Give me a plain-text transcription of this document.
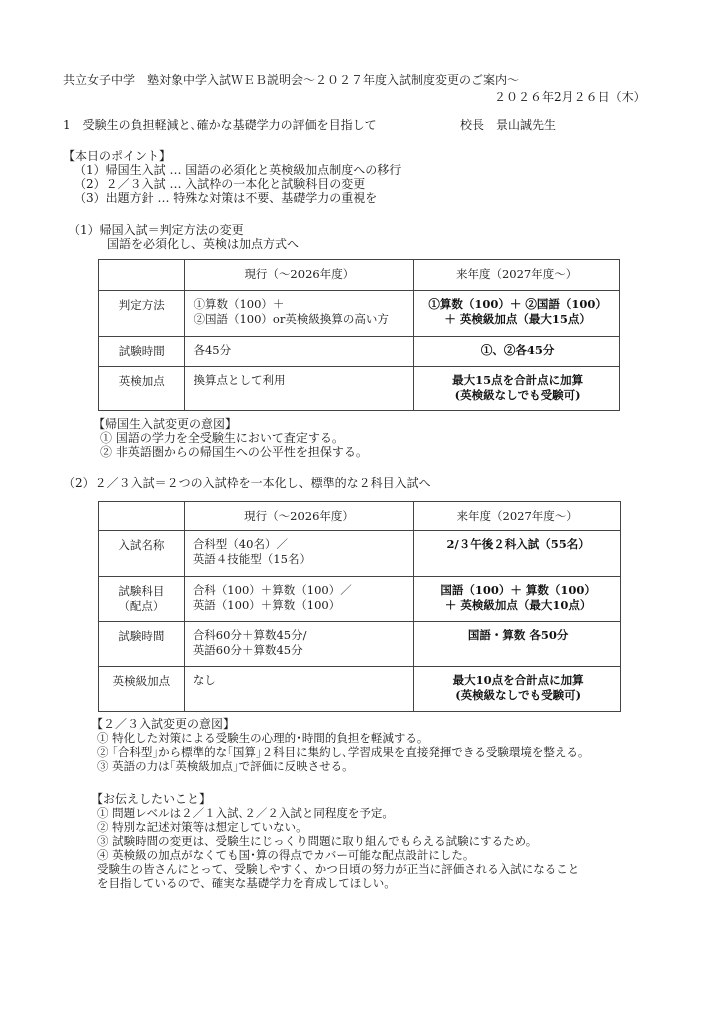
共立女子中学　塾対象中学入試ＷＥＢ説明会～２０２７年度入試制度変更のご案内～
２０２６年2月２６日（木）
1　受験生の負担軽減と､確かな基礎学力の評価を目指して	校長　景山誠先生
【本日のポイント】
（1）帰国生入試 … 国語の必須化と英検級加点制度への移行
（2）２／３入試 … 入試枠の一本化と試験科目の変更
（3）出題方針 … 特殊な対策は不要、基礎学力の重視を
（1）帰国入試＝判定方法の変更
国語を必須化し、英検は加点方式へ

	現行（～2026年度）	来年度（2027年度～）

判定方法	①算数（100）＋
②国語（100）or英検級換算の高い方	①算数（100）＋ ②国語（100）
＋ 英検級加点（最大15点）

試験時間	各45分	①、②各45分

英検加点	換算点として利用	最大15点を合計点に加算
(英検級なしでも受験可)
【帰国生入試変更の意図】
① 国語の学力を全受験生において査定する。
② 非英語圏からの帰国生への公平性を担保する。
（2）２／３入試＝２つの入試枠を一本化し、標準的な２科目入試へ

	現行（～2026年度）	来年度（2027年度～）

入試名称	合科型（40名）／
英語４技能型（15名）	2/３午後２科入試（55名）

試験科目
（配点）	合科（100）＋算数（100）／
英語（100）＋算数（100）	国語（100）＋ 算数（100）
＋ 英検級加点（最大10点）

試験時間	合科60分＋算数45分/
英語60分＋算数45分	国語・算数 各50分

英検級加点	なし	最大10点を合計点に加算
(英検級なしでも受験可)
【２／３入試変更の意図】
① 特化した対策による受験生の心理的･時間的負担を軽減する。
② ｢合科型｣から標準的な｢国算｣２科目に集約し､学習成果を直接発揮できる受験環境を整える。
③ 英語の力は｢英検級加点｣で評価に反映させる。
【お伝えしたいこと】
① 問題レベルは２／１入試､２／２入試と同程度を予定。
② 特別な記述対策等は想定していない。
③ 試験時間の変更は、受験生にじっくり問題に取り組んでもらえる試験にするため。
④ 英検級の加点がなくても国･算の得点でカバー可能な配点設計にした。
受験生の皆さんにとって、受験しやすく、かつ日頃の努力が正当に評価される入試になること
を目指しているので、確実な基礎学力を育成してほしい。
